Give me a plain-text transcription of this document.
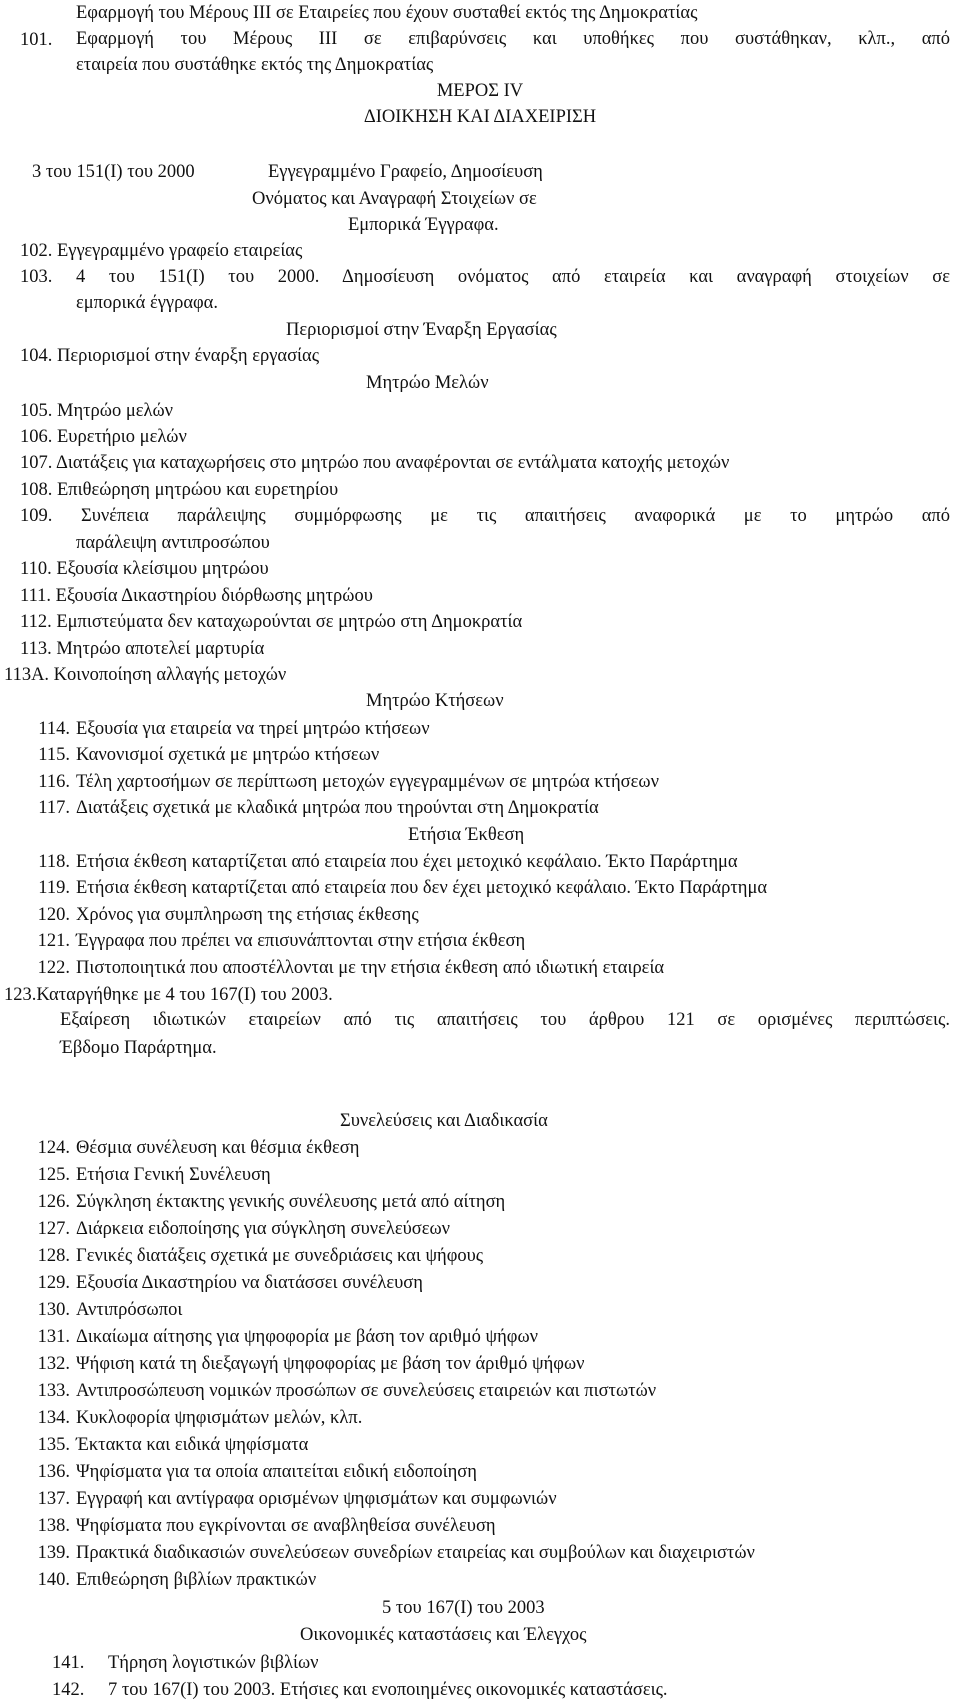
Εφαρμογή του Μέρους ΙΙΙ σε Εταιρείες που έχουν συσταθεί εκτός της Δημοκρατίας
101. Εφαρμογή του Μέρους ΙΙΙ σε επιβαρύνσεις και υποθήκες που συστάθηκαν, κλπ., από
εταιρεία που συστάθηκε εκτός της Δημοκρατίας
ΜΕΡΟΣ IV
ΔΙΟΙΚΗΣΗ ΚΑΙ ΔΙΑΧΕΙΡΙΣΗ
3 του 151(Ι) του 2000	Εγγεγραμμένο Γραφείο, Δημοσίευση
Ονόματος και Αναγραφή Στοιχείων σε
Εμπορικά Έγγραφα.
102. Εγγεγραμμένο γραφείο εταιρείας
103. 4 του 151(Ι) του 2000. Δημοσίευση ονόματος από εταιρεία και αναγραφή στοιχείων σε
εμπορικά έγγραφα.
Περιορισμοί στην Έναρξη Εργασίας
104. Περιορισμοί στην έναρξη εργασίας
Μητρώο Μελών
105. Μητρώο μελών
106. Ευρετήριο μελών
107. Διατάξεις για καταχωρήσεις στο μητρώο που αναφέρονται σε εντάλματα κατοχής μετοχών
108. Επιθεώρηση μητρώου και ευρετηρίου
109. Συνέπεια παράλειψης συμμόρφωσης με τις απαιτήσεις αναφορικά με το μητρώο από
παράλειψη αντιπροσώπου
110. Εξουσία κλείσιμου μητρώου
111. Εξουσία Δικαστηρίου διόρθωσης μητρώου
112. Εμπιστεύματα δεν καταχωρούνται σε μητρώο στη Δημοκρατία
113. Μητρώο αποτελεί μαρτυρία
113Α. Κοινοποίηση αλλαγής μετοχών
Μητρώο Κτήσεων
114. Εξουσία για εταιρεία να τηρεί μητρώο κτήσεων
115. Κανονισμοί σχετικά με μητρώο κτήσεων
116. Τέλη χαρτοσήμων σε περίπτωση μετοχών εγγεγραμμένων σε μητρώα κτήσεων
117. Διατάξεις σχετικά με κλαδικά μητρώα που τηρούνται στη Δημοκρατία
Ετήσια Έκθεση
118. Ετήσια έκθεση καταρτίζεται από εταιρεία που έχει μετοχικό κεφάλαιο. Έκτο Παράρτημα
119. Ετήσια έκθεση καταρτίζεται από εταιρεία που δεν έχει μετοχικό κεφάλαιο. Έκτο Παράρτημα
120. Χρόνος για συμπληρωση της ετήσιας έκθεσης
121. Έγγραφα που πρέπει να επισυνάπτονται στην ετήσια έκθεση
122. Πιστοποιητικά που αποστέλλονται με την ετήσια έκθεση από ιδιωτική εταιρεία
123.Καταργήθηκε με 4 του 167(Ι) του 2003.
Εξαίρεση ιδιωτικών εταιρείων από τις απαιτήσεις του άρθρου 121 σε ορισμένες περιπτώσεις.
Έβδομο Παράρτημα.
Συνελεύσεις και Διαδικασία
124. Θέσμια συνέλευση και θέσμια έκθεση
125. Ετήσια Γενική Συνέλευση
126. Σύγκληση έκτακτης γενικής συνέλευσης μετά από αίτηση
127. Διάρκεια ειδοποίησης για σύγκληση συνελεύσεων
128. Γενικές διατάξεις σχετικά με συνεδριάσεις και ψήφους
129. Εξουσία Δικαστηρίου να διατάσσει συνέλευση
130. Αντιπρόσωποι
131. Δικαίωμα αίτησης για ψηφοφορία με βάση τον αριθμό ψήφων
132. Ψήφιση κατά τη διεξαγωγή ψηφοφορίας με βάση τον άριθμό ψήφων
133. Αντιπροσώπευση νομικών προσώπων σε συνελεύσεις εταιρειών και πιστωτών
134. Κυκλοφορία ψηφισμάτων μελών, κλπ.
135. Έκτακτα και ειδικά ψηφίσματα
136. Ψηφίσματα για τα οποία απαιτείται ειδική ειδοποίηση
137. Εγγραφή και αντίγραφα ορισμένων ψηφισμάτων και συμφωνιών
138. Ψηφίσματα που εγκρίνονται σε αναβληθείσα συνέλευση
139. Πρακτικά διαδικασιών συνελεύσεων συνεδρίων εταιρείας και συμβούλων και διαχειριστών
140. Επιθεώρηση βιβλίων πρακτικών
5 του 167(Ι) του 2003
Οικονομικές καταστάσεις και Έλεγχος
141. Τήρηση λογιστικών βιβλίων
142. 7 του 167(Ι) του 2003. Ετήσιες και ενοποιημένες οικονομικές καταστάσεις.
